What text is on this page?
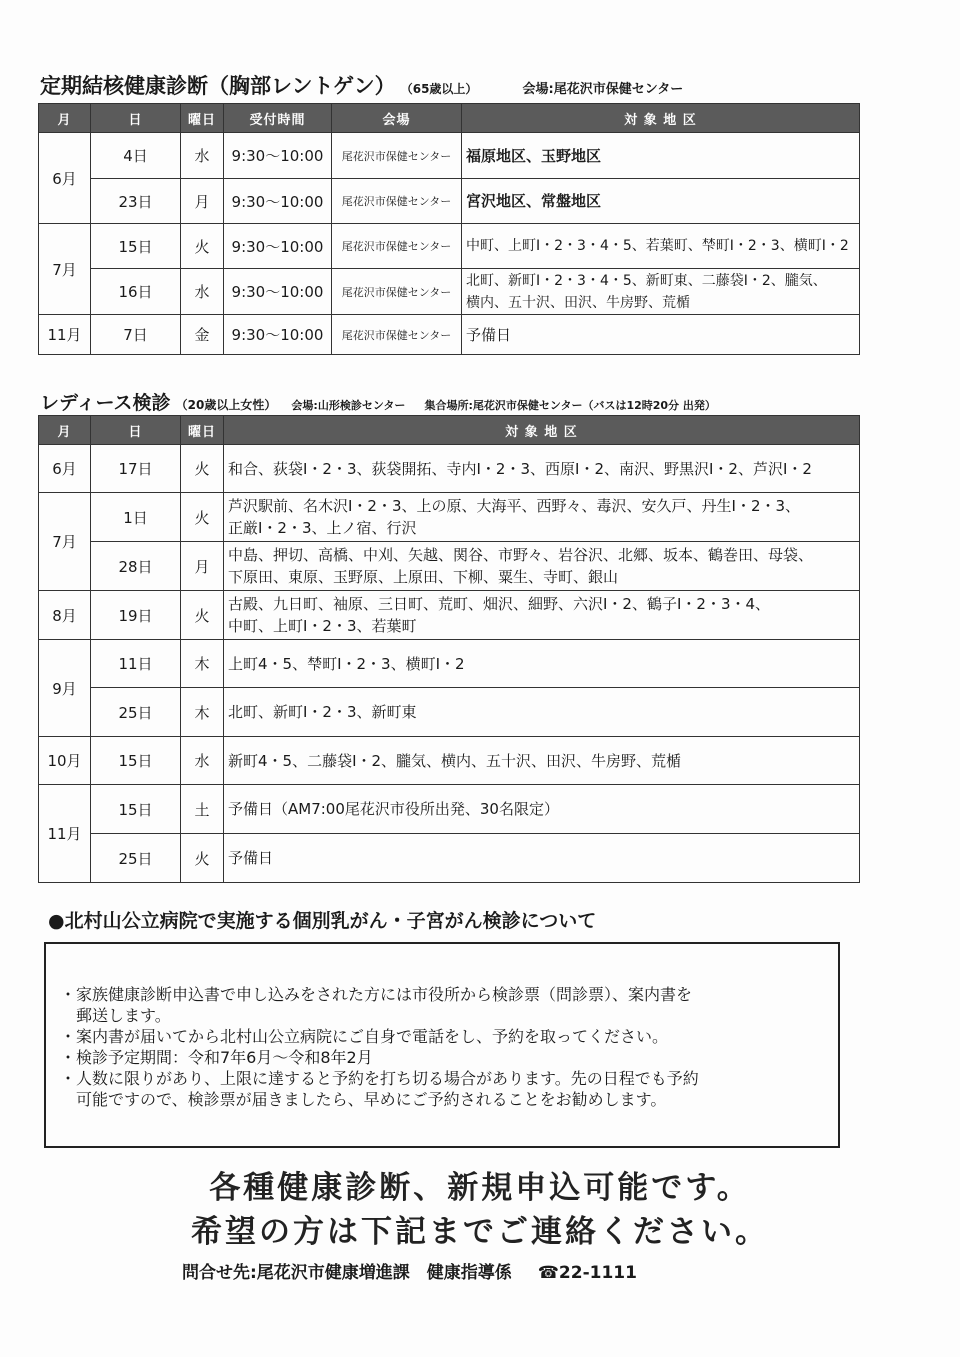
定期結核健康診断（胸部レントゲン） （65歳以上）	会場:尾花沢市保健センター
月	日	曜日	受付時間	会場	対 象 地 区
6月	4日	水	9:30～10:00	尾花沢市保健センター	福原地区、玉野地区

	23日	月	9:30～10:00	尾花沢市保健センター	宮沢地区、常盤地区

7月	15日	火	9:30～10:00	尾花沢市保健センター	中町、上町Ⅰ・2・3・4・5、若葉町、梺町Ⅰ・2・3、横町Ⅰ・2

	16日	水	9:30～10:00	尾花沢市保健センター	北町、新町Ⅰ・2・3・4・5、新町東、二藤袋Ⅰ・2、朧気、
横内、五十沢、田沢、牛房野、荒楯

11月	7日	金	9:30～10:00	尾花沢市保健センター	予備日
レディース検診 （20歳以上女性） 会場:山形検診センター 集合場所:尾花沢市保健センター（バスは12時20分 出発）
月	日	曜日	対 象 地 区
6月	17日	火	和合、荻袋Ⅰ・2・3、荻袋開拓、寺内Ⅰ・2・3、西原Ⅰ・2、南沢、野黒沢Ⅰ・2、芦沢Ⅰ・2

7月	1日	火	芦沢駅前、名木沢Ⅰ・2・3、上の原、大海平、西野々、毒沢、安久戸、丹生Ⅰ・2・3、
正厳Ⅰ・2・3、上ノ宿、行沢

	28日	月	中島、押切、高橋、中刈、矢越、関谷、市野々、岩谷沢、北郷、坂本、鶴巻田、母袋、
下原田、東原、玉野原、上原田、下柳、粟生、寺町、銀山

8月	19日	火	古殿、九日町、袖原、三日町、荒町、畑沢、細野、六沢Ⅰ・2、鶴子Ⅰ・2・3・4、
中町、上町Ⅰ・2・3、若葉町

9月	11日	木	上町4・5、梺町Ⅰ・2・3、横町Ⅰ・2

	25日	木	北町、新町Ⅰ・2・3、新町東

10月	15日	水	新町4・5、二藤袋Ⅰ・2、朧気、横内、五十沢、田沢、牛房野、荒楯

11月	15日	土	予備日（AM7:00尾花沢市役所出発、30名限定）

	25日	火	予備日
●北村山公立病院で実施する個別乳がん・子宮がん検診について

・家族健康診断申込書で申し込みをされた方には市役所から検診票（問診票）、案内書を

　郵送します。

・案内書が届いてから北村山公立病院にご自身で電話をし、予約を取ってください。

・検診予定期間：令和7年6月～令和8年2月

・人数に限りがあり、上限に達すると予約を打ち切る場合があります。先の日程でも予約

　可能ですので、検診票が届きましたら、早めにご予約されることをお勧めします。

各種健康診断、新規申込可能です。
希望の方は下記までご連絡ください。
問合せ先:尾花沢市健康増進課　健康指導係 ☎22-1111
